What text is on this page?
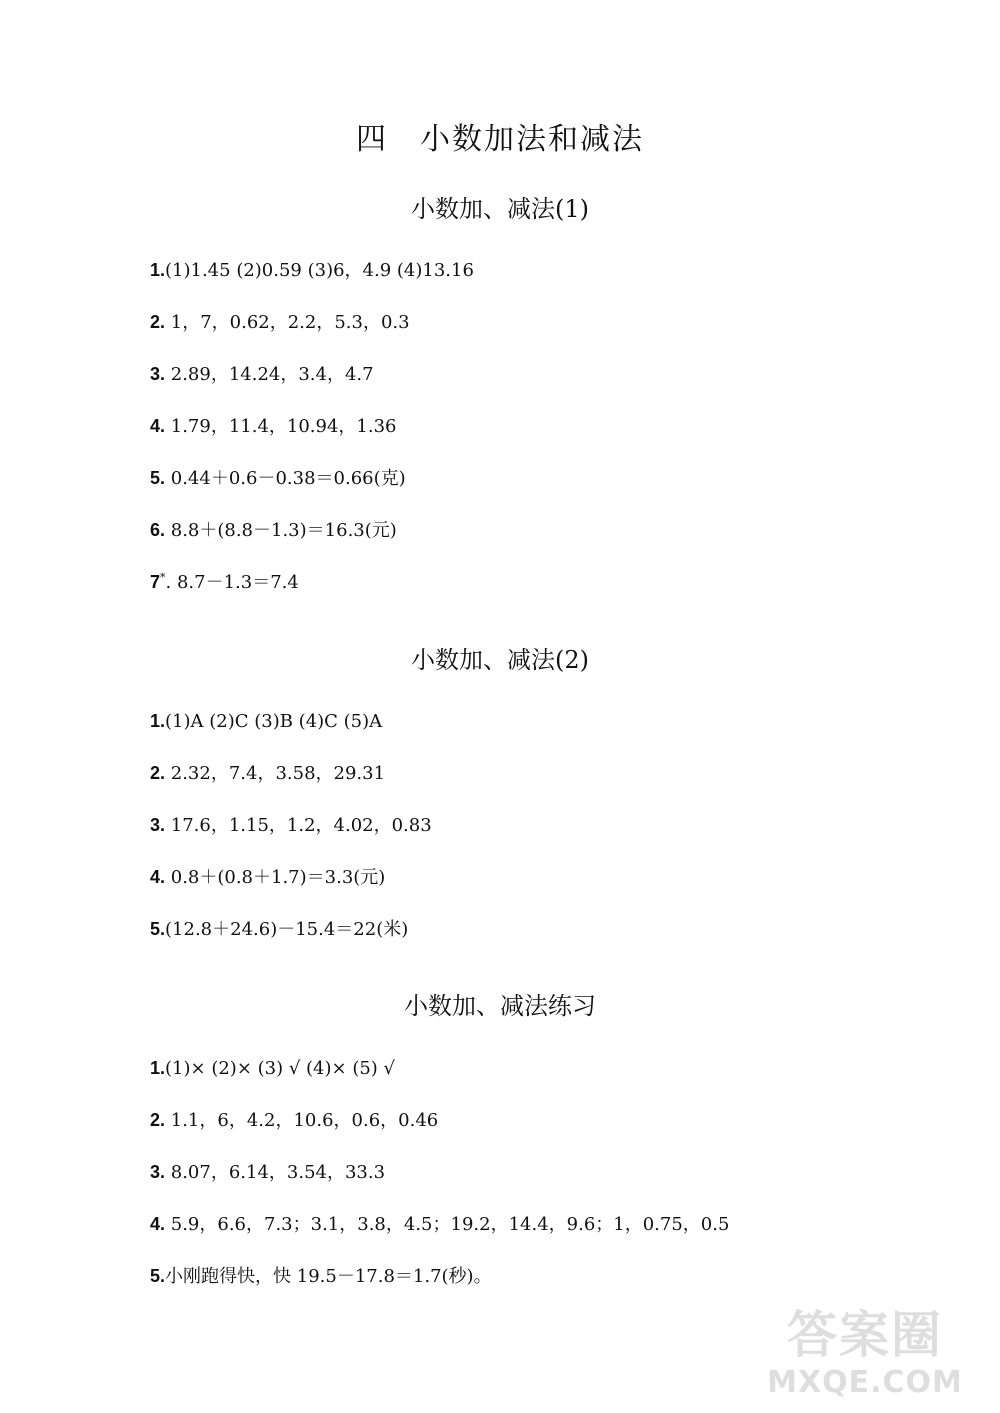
四　小数加法和减法
小数加、减法(1)
1.(1)1.45 (2)0.59 (3)6，4.9 (4)13.16
2. 1，7，0.62，2.2，5.3，0.3
3. 2.89，14.24，3.4，4.7
4. 1.79，11.4，10.94，1.36
5. 0.44＋0.6－0.38＝0.66(克)
6. 8.8＋(8.8－1.3)＝16.3(元)
7*. 8.7－1.3＝7.4
小数加、减法(2)
1.(1)A (2)C (3)B (4)C (5)A
2. 2.32，7.4，3.58，29.31
3. 17.6，1.15，1.2，4.02，0.83
4. 0.8＋(0.8＋1.7)＝3.3(元)
5.(12.8＋24.6)－15.4＝22(米)
小数加、减法练习
1.(1)× (2)× (3) √ (4)× (5) √
2. 1.1，6，4.2，10.6，0.6，0.46
3. 8.07，6.14，3.54，33.3
4. 5.9，6.6，7.3；3.1，3.8，4.5；19.2，14.4，9.6；1，0.75，0.5
5.小刚跑得快，快 19.5－17.8＝1.7(秒)。
答案圈
MXQE.COM
